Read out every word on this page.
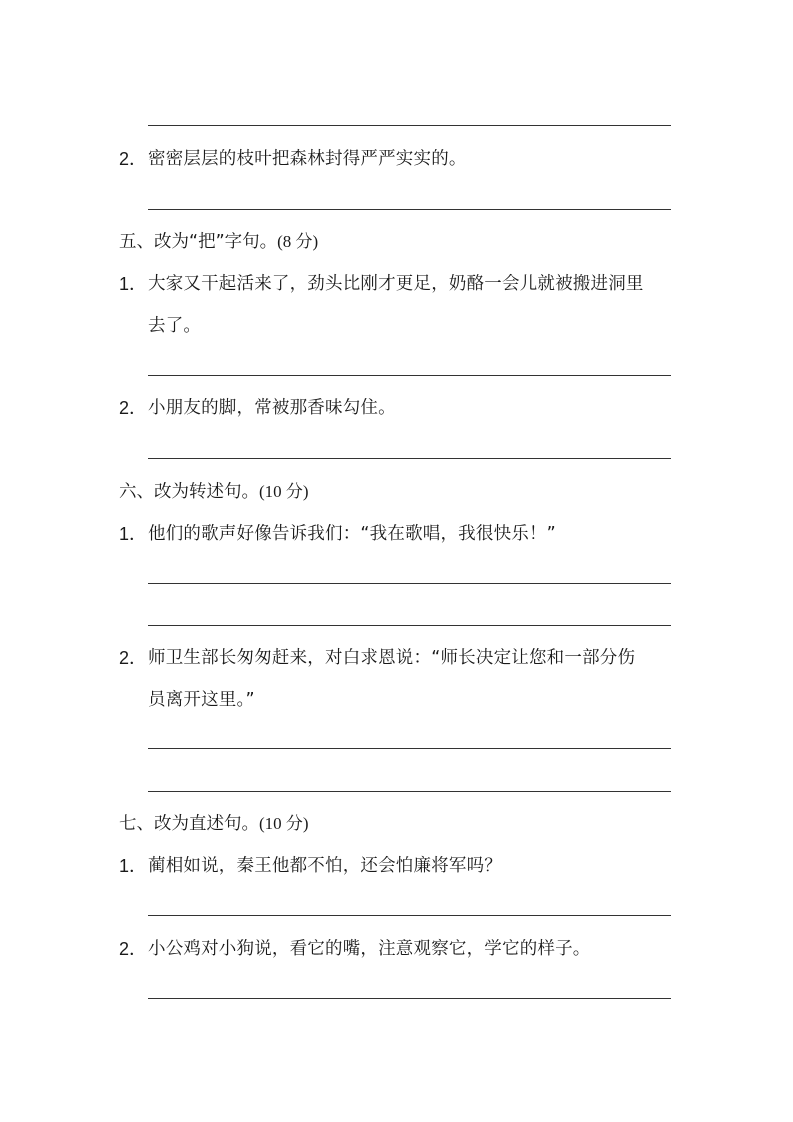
2． 密密层层的枝叶把森林封得严严实实的。
五、改为“把”字句。(8 分)
1． 大家又干起活来了，劲头比刚才更足，奶酪一会儿就被搬进洞里
去了。
2． 小朋友的脚，常被那香味勾住。
六、改为转述句。(10 分)
1． 他们的歌声好像告诉我们：“我在歌唱，我很快乐！”
2． 师卫生部长匆匆赶来，对白求恩说：“师长决定让您和一部分伤
员离开这里。”
七、改为直述句。(10 分)
1． 蔺相如说，秦王他都不怕，还会怕廉将军吗？
2． 小公鸡对小狗说，看它的嘴，注意观察它，学它的样子。
